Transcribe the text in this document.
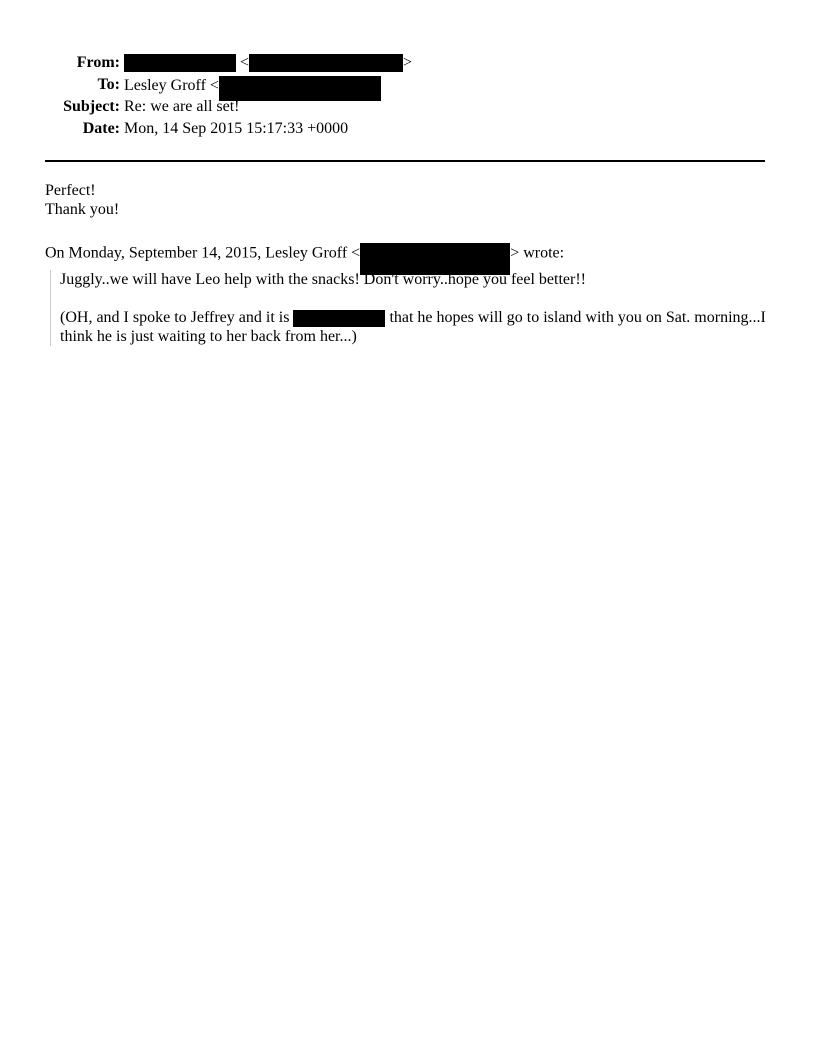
From:	<	>
To: Lesley Groff <
Subject: Re: we are all set!
Date: Mon, 14 Sep 2015 15:17:33 +0000
Perfect!
Thank you!
On Monday, September 14, 2015, Lesley Groff <	> wrote:
Juggly..we will have Leo help with the snacks! Don't worry..hope you feel better!!
(OH, and I spoke to Jeffrey and it is	that he hopes will go to island with you on Sat. morning...I think he is just waiting to her back from her...)
